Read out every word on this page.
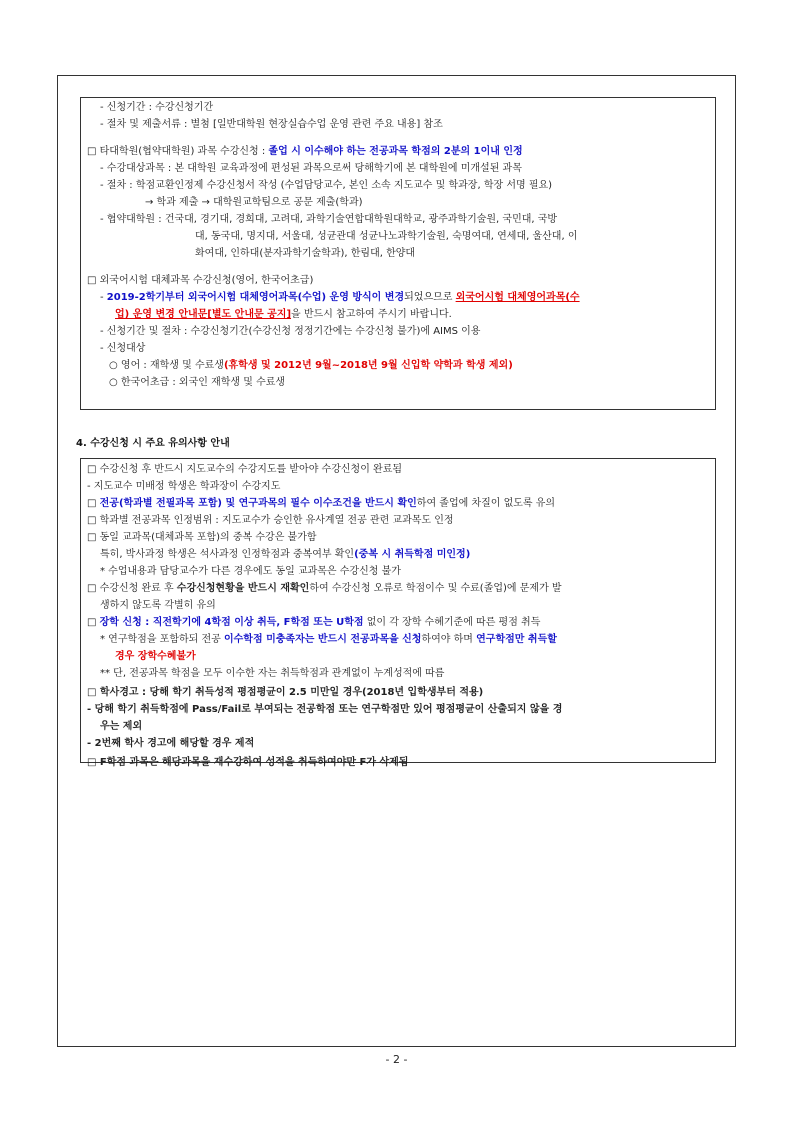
- 신청기간 : 수강신청기간
- 절차 및 제출서류 : 별첨 [일반대학원 현장실습수업 운영 관련 주요 내용] 참조
□ 타대학원(협약대학원) 과목 수강신청 : 졸업 시 이수해야 하는 전공과목 학점의 2분의 1이내 인정
- 수강대상과목 : 본 대학원 교육과정에 편성된 과목으로써 당해학기에 본 대학원에 미개설된 과목
- 절차 : 학점교환인정제 수강신청서 작성 (수업담당교수, 본인 소속 지도교수 및 학과장, 학장 서명 필요)
→ 학과 제출 → 대학원교학팀으로 공문 제출(학과)
- 협약대학원 : 건국대, 경기대, 경희대, 고려대, 과학기술연합대학원대학교, 광주과학기술원, 국민대, 국방
대, 동국대, 명지대, 서울대, 성균관대 성균나노과학기술원, 숙명여대, 연세대, 울산대, 이
화여대, 인하대(분자과학기술학과), 한림대, 한양대
□ 외국어시험 대체과목 수강신청(영어, 한국어초급)
- 2019-2학기부터 외국어시험 대체영어과목(수업) 운영 방식이 변경되었으므로 외국어시험 대체영어과목(수
업) 운영 변경 안내문[별도 안내문 공지]을 반드시 참고하여 주시기 바랍니다.
- 신청기간 및 절차 : 수강신청기간(수강신청 정정기간에는 수강신청 불가)에 AIMS 이용
- 신청대상
○ 영어 : 재학생 및 수료생(휴학생 및 2012년 9월~2018년 9월 신입학 약학과 학생 제외)
○ 한국어초급 : 외국인 재학생 및 수료생
4. 수강신청 시 주요 유의사항 안내
□ 수강신청 후 반드시 지도교수의 수강지도를 받아야 수강신청이 완료됨
- 지도교수 미배정 학생은 학과장이 수강지도
□ 전공(학과별 전필과목 포함) 및 연구과목의 필수 이수조건을 반드시 확인하여 졸업에 차질이 없도록 유의
□ 학과별 전공과목 인정범위 : 지도교수가 승인한 유사계열 전공 관련 교과목도 인정
□ 동일 교과목(대체과목 포함)의 중복 수강은 불가함
특히, 박사과정 학생은 석사과정 인정학점과 중복여부 확인(중복 시 취득학점 미인정)
* 수업내용과 담당교수가 다른 경우에도 동일 교과목은 수강신청 불가
□ 수강신청 완료 후 수강신청현황을 반드시 재확인하여 수강신청 오류로 학점이수 및 수료(졸업)에 문제가 발
생하지 않도록 각별히 유의
□ 장학 신청 : 직전학기에 4학점 이상 취득, F학점 또는 U학점 없이 각 장학 수혜기준에 따른 평점 취득
* 연구학점을 포함하되 전공 이수학점 미충족자는 반드시 전공과목을 신청하여야 하며 연구학점만 취득할
경우 장학수혜불가
** 단, 전공과목 학점을 모두 이수한 자는 취득학점과 관계없이 누계성적에 따름
□ 학사경고 : 당해 학기 취득성적 평점평균이 2.5 미만일 경우(2018년 입학생부터 적용)
- 당해 학기 취득학점에 Pass/Fail로 부여되는 전공학점 또는 연구학점만 있어 평점평균이 산출되지 않을 경
우는 제외
- 2번째 학사 경고에 해당할 경우 제적
□ F학점 과목은 해당과목을 재수강하여 성적을 취득하여야만 F가 삭제됨
- 2 -
